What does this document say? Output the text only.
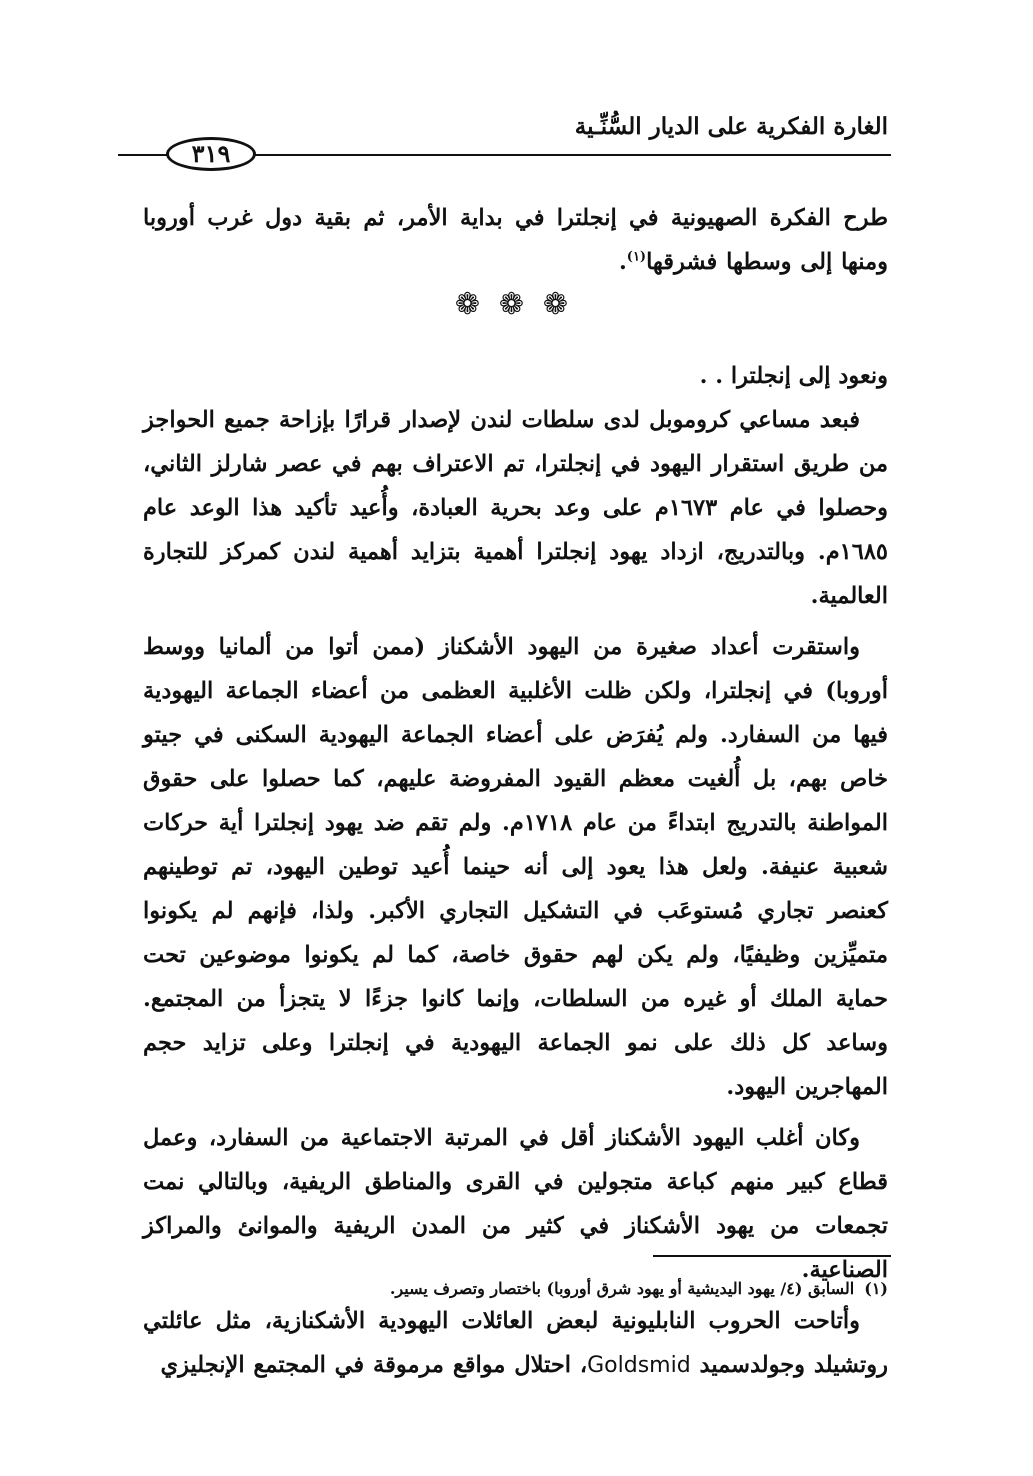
الغارة الفكرية على الديار السُّنِّـية
٣١٩
طرح الفكرة الصهيونية في إنجلترا في بداية الأمر، ثم بقية دول غرب أوروبا ومنها إلى وسطها فشرقها$^{(١)}$.
❁
❁
❁
ونعود إلى إنجلترا . .

فبعد مساعي كروموبل لدى سلطات لندن لإصدار قرارًا بإزاحة جميع الحواجز من طريق استقرار اليهود في إنجلترا، تم الاعتراف بهم في عصر شارلز الثاني، وحصلوا في عام ١٦٧٣م على وعد بحرية العبادة، وأُعيد تأكيد هذا الوعد عام ١٦٨٥م. وبالتدريج، ازداد يهود إنجلترا أهمية بتزايد أهمية لندن كمركز للتجارة العالمية.

واستقرت أعداد صغيرة من اليهود الأشكناز (ممن أتوا من ألمانيا ووسط أوروبا) في إنجلترا، ولكن ظلت الأغلبية العظمى من أعضاء الجماعة اليهودية فيها من السفارد. ولم يُفرَض على أعضاء الجماعة اليهودية السكنى في جيتو خاص بهم، بل أُلغيت معظم القيود المفروضة عليهم، كما حصلوا على حقوق المواطنة بالتدريج ابتداءً من عام ١٧١٨م. ولم تقم ضد يهود إنجلترا أية حركات شعبية عنيفة. ولعل هذا يعود إلى أنه حينما أُعيد توطين اليهود، تم توطينهم كعنصر تجاري مُستوعَب في التشكيل التجاري الأكبر. ولذا، فإنهم لم يكونوا متميِّزين وظيفيًا، ولم يكن لهم حقوق خاصة، كما لم يكونوا موضوعين تحت حماية الملك أو غيره من السلطات، وإنما كانوا جزءًا لا يتجزأ من المجتمع. وساعد كل ذلك على نمو الجماعة اليهودية في إنجلترا وعلى تزايد حجم المهاجرين اليهود.

وكان أغلب اليهود الأشكناز أقل في المرتبة الاجتماعية من السفارد، وعمل قطاع كبير منهم كباعة متجولين في القرى والمناطق الريفية، وبالتالي نمت تجمعات من يهود الأشكناز في كثير من المدن الريفية والموانئ والمراكز الصناعية.

وأتاحت الحروب النابليونية لبعض العائلات اليهودية الأشكنازية، مثل عائلتي روتشيلد وجولدسميد Goldsmid، احتلال مواقع مرموقة في المجتمع الإنجليزي

(١)السابق (٤/ يهود اليديشية أو يهود شرق أوروبا) باختصار وتصرف يسير.
